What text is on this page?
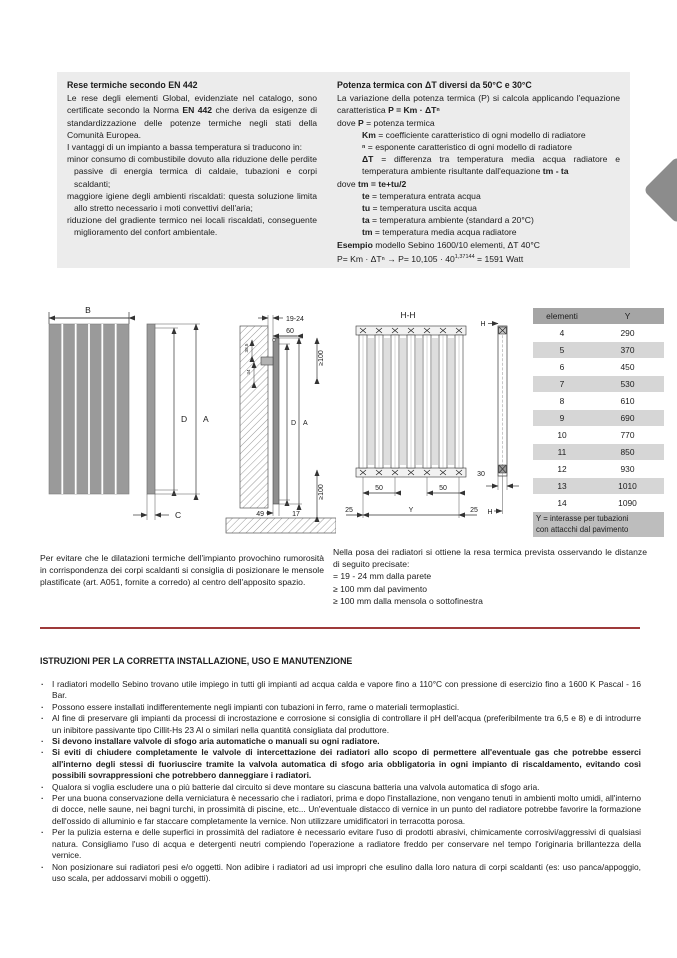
Rese termiche secondo EN 442

Le rese degli elementi Global, evidenziate nel catalogo, sono certificate secondo la Norma EN 442 che deriva da esigenze di standardizzazione delle potenze termiche negli stati della Comunità Europea.
I vantaggi di un impianto a bassa temperatura si traducono in:
minor consumo di combustibile dovuto alla riduzione delle perdite passive di energia termica di caldaie, tubazioni e corpi scaldanti;
maggiore igiene degli ambienti riscaldati: questa soluzione limita allo stretto necessario i moti convettivi dell'aria;
riduzione del gradiente termico nei locali riscaldati, conseguente miglioramento del confort ambientale.

Potenza termica con ΔT diversi da 50°C e 30°C

La variazione della potenza termica (P) si calcola applicando l'equazione caratteristica P = Km · ΔTⁿ
dove P = potenza termica
Km = coefficiente caratteristico di ogni modello di radiatore
ⁿ = esponente caratteristico di ogni modello di radiatore
ΔT = differenza tra temperatura media acqua radiatore e temperatura ambiente risultante dall'equazione tm - ta
dove tm = te+tu/2
te = temperatura entrata acqua
tu = temperatura uscita acqua
ta = temperatura ambiente (standard a 20°C)
tm = temperatura media acqua radiatore
Esempio modello Sebino 1600/10 elementi, ΔT 40°C
$P= Km \cdot \Delta T^n \to P= 10,105 \cdot 40^{1,37144} = 1591$ Watt
B
D A
C
19-24
60
38,5
34
D A
≥100
≥100
49	17
H-H
50	50
Y
25	25
H
30
H
elementi	Y
4	290
5	370
6	450
7	530
8	610
9	690
10	770
11	850
12	930
13	1010
14	1090
Y = interasse per tubazioni
con attacchi dal pavimento
Per evitare che le dilatazioni termiche dell'impianto provochino rumorosità in corrispondenza dei corpi scaldanti si consiglia di posizionare le mensole plastificate (art. A051, fornite a corredo) al centro dell'apposito spazio.
Nella posa dei radiatori si ottiene la resa termica prevista osservando le distanze di seguito precisate:
= 19 - 24 mm dalla parete
≥ 100 mm dal pavimento
≥ 100 mm dalla mensola o sottofinestra
ISTRUZIONI PER LA CORRETTA INSTALLAZIONE, USO E MANUTENZIONE
· I radiatori modello Sebino trovano utile impiego in tutti gli impianti ad acqua calda e vapore fino a 110°C con pressione di esercizio fino a 1600 K Pascal - 16 Bar.
· Possono essere installati indifferentemente negli impianti con tubazioni in ferro, rame o materiali termoplastici.
· Al fine di preservare gli impianti da processi di incrostazione e corrosione si consiglia di controllare il pH dell'acqua (preferibilmente tra 6,5 e 8) e di introdurre un inibitore passivante tipo Cillit-Hs 23 Al o similari nella quantità consigliata dal produttore.
· Si devono installare valvole di sfogo aria automatiche o manuali su ogni radiatore.
· Si eviti di chiudere completamente le valvole di intercettazione dei radiatori allo scopo di permettere all'eventuale gas che potrebbe esserci all'interno degli stessi di fuoriuscire tramite la valvola automatica di sfogo aria obbligatoria in ogni impianto di riscaldamento, evitando così possibili sovrappressioni che potrebbero danneggiare i radiatori.
· Qualora si voglia escludere una o più batterie dal circuito si deve montare su ciascuna batteria una valvola automatica di sfogo aria.
· Per una buona conservazione della verniciatura è necessario che i radiatori, prima e dopo l'installazione, non vengano tenuti in ambienti molto umidi, all'interno di docce, nelle saune, nei bagni turchi, in prossimità di piscine, etc... Un'eventuale distacco di vernice in un punto del radiatore potrebbe favorire la formazione dell'ossido di alluminio e far staccare completamente la vernice. Non utilizzare umidificatori in terracotta porosa.
· Per la pulizia esterna e delle superfici in prossimità del radiatore è necessario evitare l'uso di prodotti abrasivi, chimicamente corrosivi/aggressivi di qualsiasi natura. Consigliamo l'uso di acqua e detergenti neutri compiendo l'operazione a radiatore freddo per conservare nel tempo l'originaria brillantezza della vernice.
· Non posizionare sui radiatori pesi e/o oggetti. Non adibire i radiatori ad usi impropri che esulino dalla loro natura di corpi scaldanti (es: uso panca/appoggio, uso scala, per addossarvi mobili o oggetti).
